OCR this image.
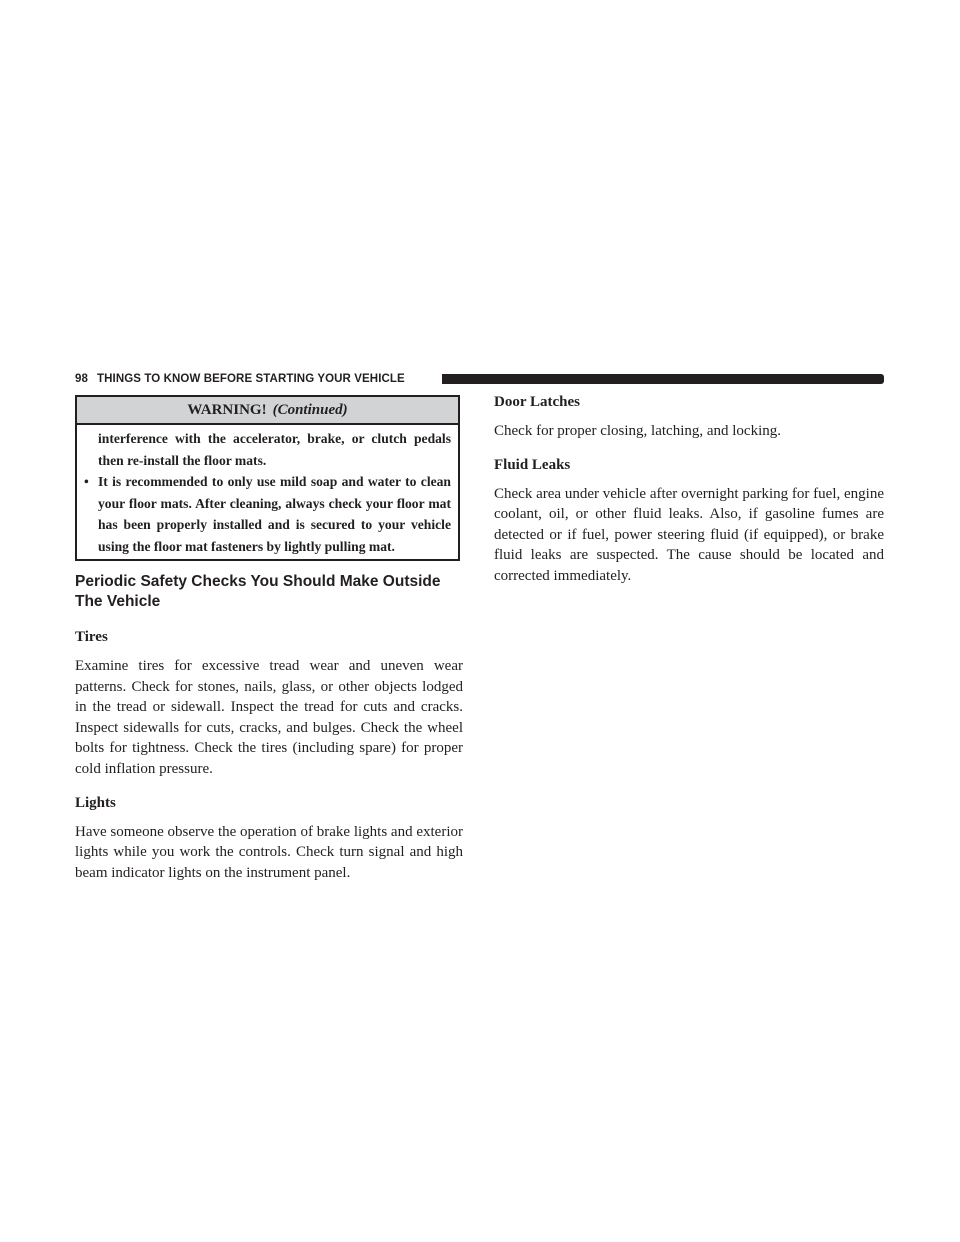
98 THINGS TO KNOW BEFORE STARTING YOUR VEHICLE
WARNING! (Continued)

interference with the accelerator, brake, or clutch pedals then re-install the floor mats.

• It is recommended to only use mild soap and water to clean your floor mats. After cleaning, always check your floor mat has been properly installed and is secured to your vehicle using the floor mat fasteners by lightly pulling mat.

Periodic Safety Checks You Should Make Outside The Vehicle
Tires

Examine tires for excessive tread wear and uneven wear patterns. Check for stones, nails, glass, or other objects lodged in the tread or sidewall. Inspect the tread for cuts and cracks. Inspect sidewalls for cuts, cracks, and bulges. Check the wheel bolts for tightness. Check the tires (including spare) for proper cold inflation pressure.

Lights

Have someone observe the operation of brake lights and exterior lights while you work the controls. Check turn signal and high beam indicator lights on the instrument panel.

Door Latches

Check for proper closing, latching, and locking.

Fluid Leaks

Check area under vehicle after overnight parking for fuel, engine coolant, oil, or other fluid leaks. Also, if gasoline fumes are detected or if fuel, power steering fluid (if equipped), or brake fluid leaks are suspected. The cause should be located and corrected immediately.
